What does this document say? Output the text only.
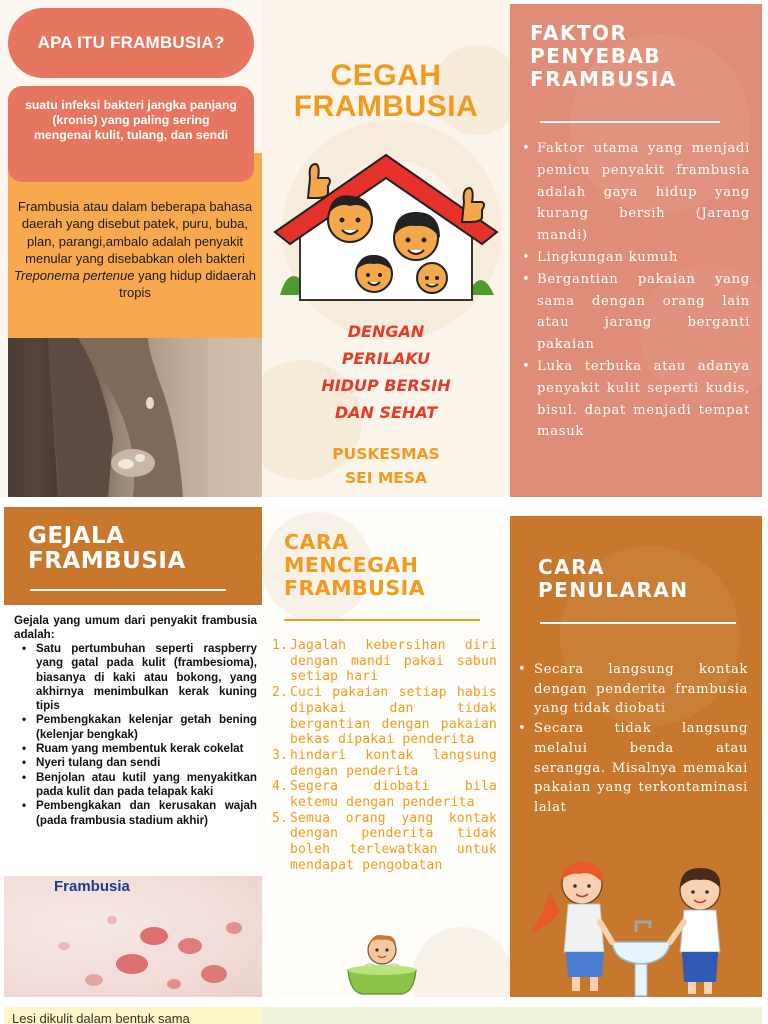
APA ITU FRAMBUSIA?
suatu infeksi bakteri jangka panjang (kronis) yang paling sering mengenai kulit, tulang, dan sendi
Frambusia atau dalam beberapa bahasa daerah yang disebut patek, puru, buba, plan, parangi,ambalo adalah penyakit menular yang disebabkan oleh bakteri Treponema pertenue yang hidup didaerah tropis
CEGAH
FRAMBUSIA
DENGAN
PERILAKU
HIDUP BERSIH
DAN SEHAT
PUSKESMAS
SEI MESA
FAKTOR
PENYEBAB
FRAMBUSIA
• Faktor utama yang menjadi pemicu penyakit frambusia adalah gaya hidup yang kurang bersih (Jarang mandi)
• Lingkungan kumuh
• Bergantian pakaian yang sama dengan orang lain atau jarang berganti pakaian
• Luka terbuka atau adanya penyakit kulit seperti kudis, bisul. dapat menjadi tempat masuk
GEJALA
FRAMBUSIA
Gejala yang umum dari penyakit frambusia adalah:
• Satu pertumbuhan seperti raspberry yang gatal pada kulit (frambesioma), biasanya di kaki atau bokong, yang akhirnya menimbulkan kerak kuning tipis
• Pembengkakan kelenjar getah bening (kelenjar bengkak)
• Ruam yang membentuk kerak cokelat
• Nyeri tulang dan sendi
• Benjolan atau kutil yang menyakitkan pada kulit dan pada telapak kaki
• Pembengkakan dan kerusakan wajah (pada frambusia stadium akhir)
Frambusia
CARA
MENCEGAH
FRAMBUSIA
1. Jagalah kebersihan diri dengan mandi pakai sabun setiap hari
2. Cuci pakaian setiap habis dipakai dan tidak bergantian dengan pakaian bekas dipakai penderita
3. hindari kontak langsung dengan penderita
4. Segera diobati bila ketemu dengan penderita
5. Semua orang yang kontak dengan penderita tidak boleh terlewatkan untuk mendapat pengobatan
CARA
PENULARAN
• Secara langsung kontak dengan penderita frambusia yang tidak diobati
• Secara tidak langsung melalui benda atau serangga. Misalnya memakai pakaian yang terkontaminasi lalat
Lesi dikulit dalam bentuk sama
